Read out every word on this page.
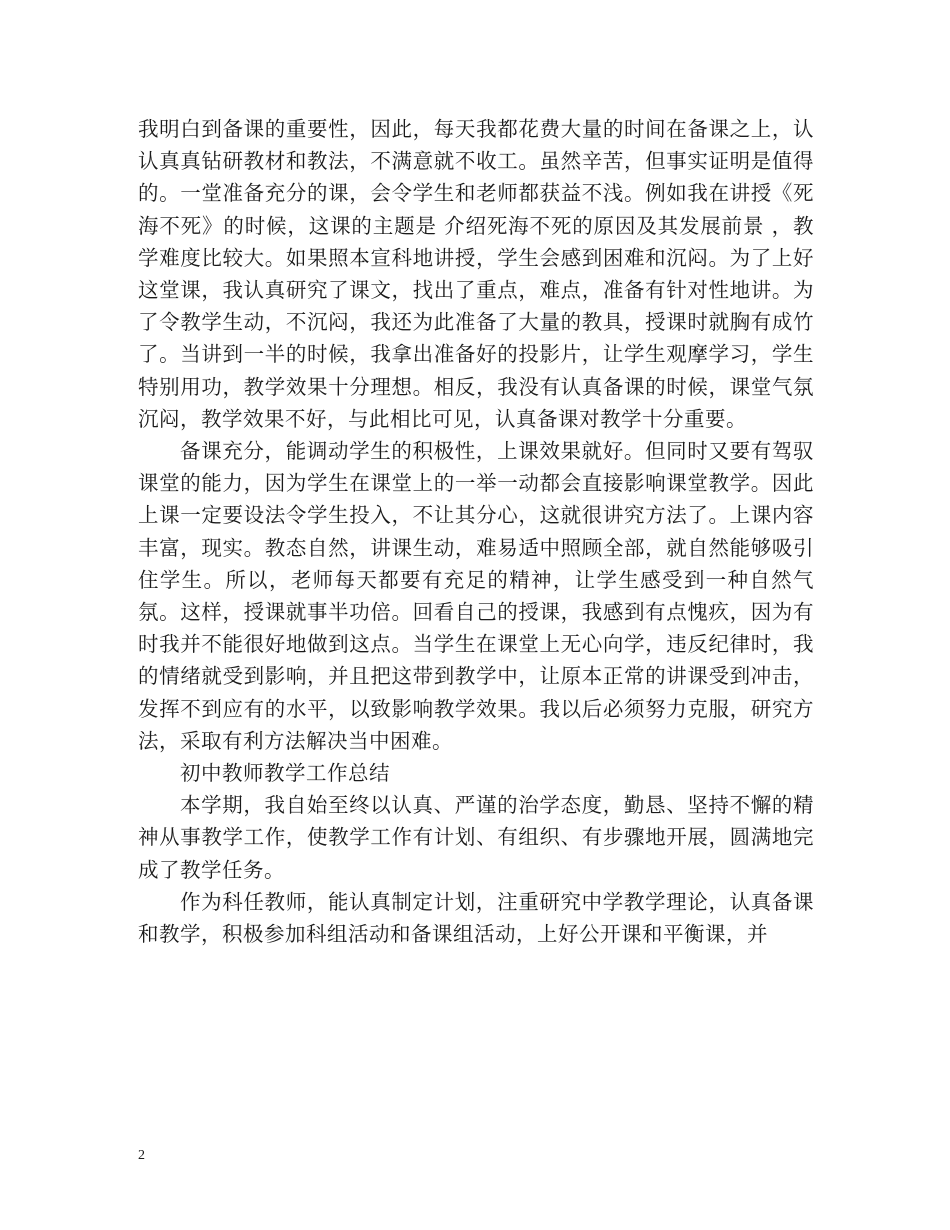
我明白到备课的重要性，因此，每天我都花费大量的时间在备课之上，认认真真钻研教材和教法，不满意就不收工。虽然辛苦，但事实证明是值得的。一堂准备充分的课，会令学生和老师都获益不浅。例如我在讲授《死海不死》的时候，这课的主题是 介绍死海不死的原因及其发展前景 ，教学难度比较大。如果照本宣科地讲授，学生会感到困难和沉闷。为了上好这堂课，我认真研究了课文，找出了重点，难点，准备有针对性地讲。为了令教学生动，不沉闷，我还为此准备了大量的教具，授课时就胸有成竹了。当讲到一半的时候，我拿出准备好的投影片，让学生观摩学习，学生特别用功，教学效果十分理想。相反，我没有认真备课的时候，课堂气氛沉闷，教学效果不好，与此相比可见，认真备课对教学十分重要。

备课充分，能调动学生的积极性，上课效果就好。但同时又要有驾驭课堂的能力，因为学生在课堂上的一举一动都会直接影响课堂教学。因此上课一定要设法令学生投入，不让其分心，这就很讲究方法了。上课内容丰富，现实。教态自然，讲课生动，难易适中照顾全部，就自然能够吸引住学生。所以，老师每天都要有充足的精神，让学生感受到一种自然气氛。这样，授课就事半功倍。回看自己的授课，我感到有点愧疚，因为有时我并不能很好地做到这点。当学生在课堂上无心向学，违反纪律时，我的情绪就受到影响，并且把这带到教学中，让原本正常的讲课受到冲击，发挥不到应有的水平，以致影响教学效果。我以后必须努力克服，研究方法，采取有利方法解决当中困难。

初中教师教学工作总结

本学期，我自始至终以认真、严谨的治学态度，勤恳、坚持不懈的精神从事教学工作，使教学工作有计划、有组织、有步骤地开展，圆满地完成了教学任务。

作为科任教师，能认真制定计划，注重研究中学教学理论，认真备课和教学，积极参加科组活动和备课组活动，上好公开课和平衡课，并

2
